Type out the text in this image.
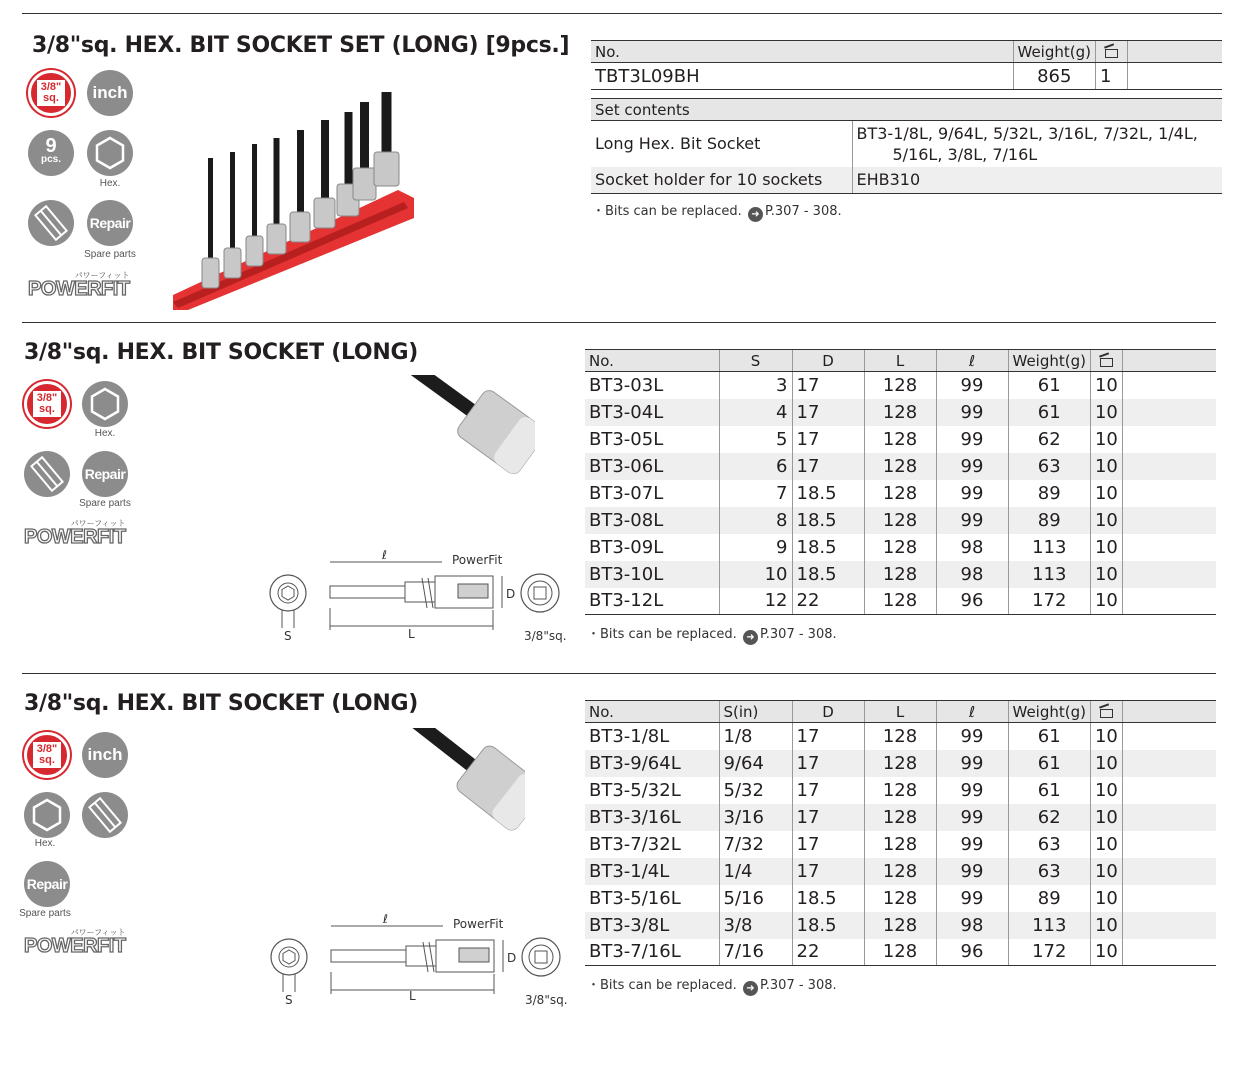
3/8"sq. HEX. BIT SOCKET SET (LONG) [9pcs.]
3/8"
sq.	inch
9
pcs.
Hex.
Repair
Spare parts
POWERFIT
パワーフィット
No.	Weight(g)		
TBT3L09BH	865	1	
Set contents	
Long Hex. Bit Socket	BT3-1/8L, 9/64L, 5/32L, 3/16L, 7/32L, 1/4L,
5/16L, 3/8L, 7/16L

Socket holder for 10 sockets	EHB310
・Bits can be replaced. ➜ P.307 - 308.
3/8"sq. HEX. BIT SOCKET (LONG)
3/8"
sq.
Hex.
Repair
Spare parts
POWERFIT
パワーフィット
S
ℓ	PowerFit
L
D
3/8"sq.
No.	S	D	L	ℓ	Weight(g)		
BT3-03L	3	17	128	99	61	10	
BT3-04L	4	17	128	99	61	10	
BT3-05L	5	17	128	99	62	10	
BT3-06L	6	17	128	99	63	10	
BT3-07L	7	18.5	128	99	89	10	
BT3-08L	8	18.5	128	99	89	10	
BT3-09L	9	18.5	128	98	113	10	
BT3-10L	10	18.5	128	98	113	10	
BT3-12L	12	22	128	96	172	10	
・Bits can be replaced. ➜ P.307 - 308.
3/8"sq. HEX. BIT SOCKET (LONG)
3/8"
sq.	inch
Hex.
Repair
Spare parts
POWERFIT
パワーフィット
S
ℓ	PowerFit
L
D
3/8"sq.
No.	S(in)	D	L	ℓ	Weight(g)		
BT3-1/8L	1/8	17	128	99	61	10	
BT3-9/64L	9/64	17	128	99	61	10	
BT3-5/32L	5/32	17	128	99	61	10	
BT3-3/16L	3/16	17	128	99	62	10	
BT3-7/32L	7/32	17	128	99	63	10	
BT3-1/4L	1/4	17	128	99	63	10	
BT3-5/16L	5/16	18.5	128	99	89	10	
BT3-3/8L	3/8	18.5	128	98	113	10	
BT3-7/16L	7/16	22	128	96	172	10	
・Bits can be replaced. ➜ P.307 - 308.
